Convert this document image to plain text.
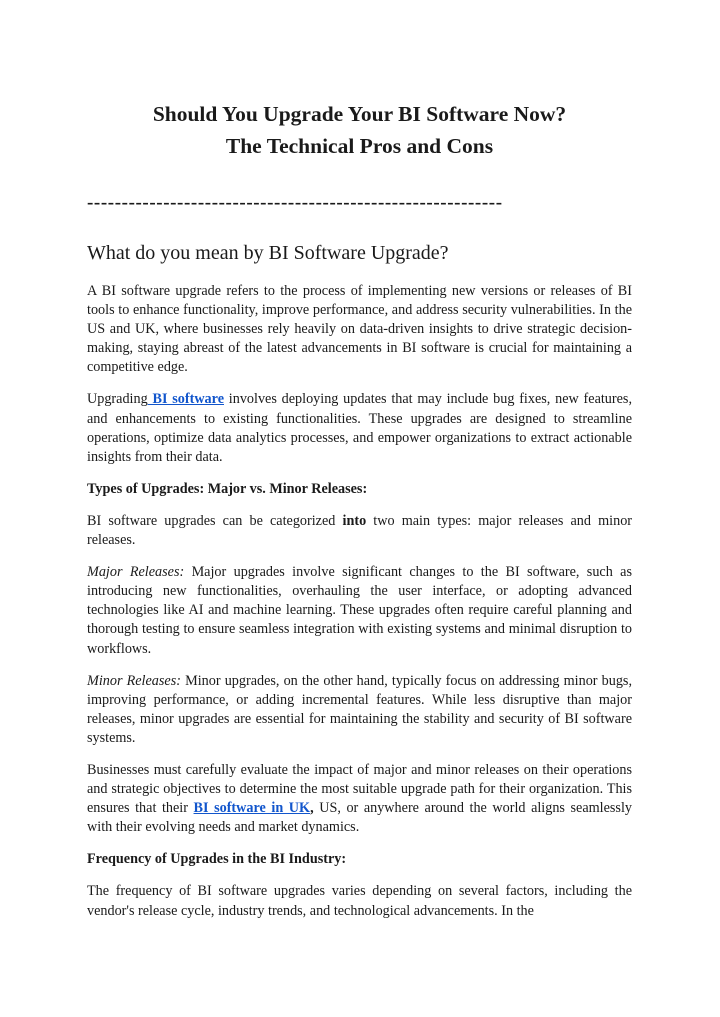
Should You Upgrade Your BI Software Now?
The Technical Pros and Cons
------------------------------------------------------------
What do you mean by BI Software Upgrade?

A BI software upgrade refers to the process of implementing new versions or releases of BI tools to enhance functionality, improve performance, and address security vulnerabilities. In the US and UK, where businesses rely heavily on data-driven insights to drive strategic decision-making, staying abreast of the latest advancements in BI software is crucial for maintaining a competitive edge.

Upgrading BI software involves deploying updates that may include bug fixes, new features, and enhancements to existing functionalities. These upgrades are designed to streamline operations, optimize data analytics processes, and empower organizations to extract actionable insights from their data.

Types of Upgrades: Major vs. Minor Releases:

BI software upgrades can be categorized into two main types: major releases and minor releases.

Major Releases: Major upgrades involve significant changes to the BI software, such as introducing new functionalities, overhauling the user interface, or adopting advanced technologies like AI and machine learning. These upgrades often require careful planning and thorough testing to ensure seamless integration with existing systems and minimal disruption to workflows.

Minor Releases: Minor upgrades, on the other hand, typically focus on addressing minor bugs, improving performance, or adding incremental features. While less disruptive than major releases, minor upgrades are essential for maintaining the stability and security of BI software systems.

Businesses must carefully evaluate the impact of major and minor releases on their operations and strategic objectives to determine the most suitable upgrade path for their organization. This ensures that their BI software in UK, US, or anywhere around the world aligns seamlessly with their evolving needs and market dynamics.

Frequency of Upgrades in the BI Industry:

The frequency of BI software upgrades varies depending on several factors, including the vendor's release cycle, industry trends, and technological advancements. In the
